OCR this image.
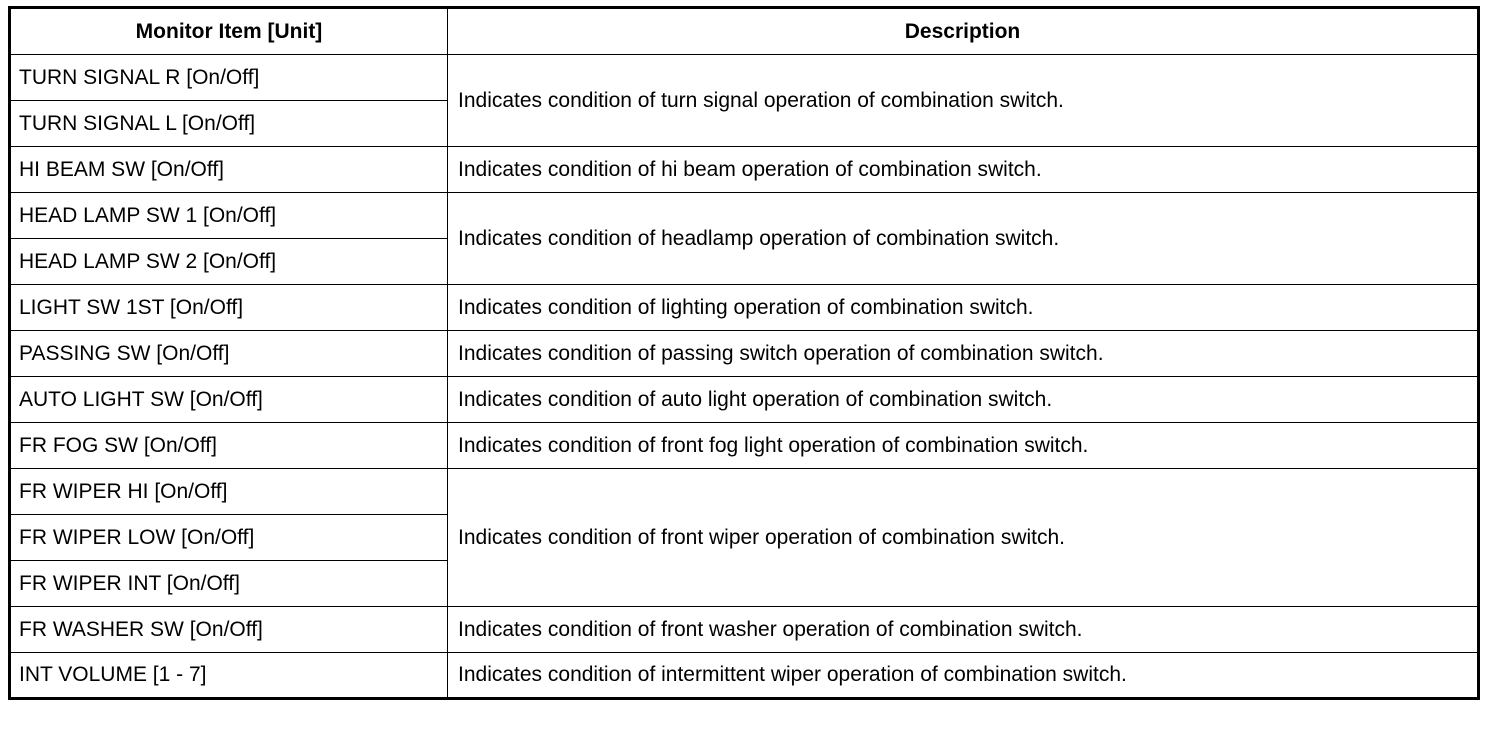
Monitor Item [Unit]	Description
TURN SIGNAL R [On/Off]	Indicates condition of turn signal operation of combination switch.
TURN SIGNAL L [On/Off]	
HI BEAM SW [On/Off]	Indicates condition of hi beam operation of combination switch.
HEAD LAMP SW 1 [On/Off]	Indicates condition of headlamp operation of combination switch.
HEAD LAMP SW 2 [On/Off]	
LIGHT SW 1ST [On/Off]	Indicates condition of lighting operation of combination switch.
PASSING SW [On/Off]	Indicates condition of passing switch operation of combination switch.
AUTO LIGHT SW [On/Off]	Indicates condition of auto light operation of combination switch.
FR FOG SW [On/Off]	Indicates condition of front fog light operation of combination switch.
FR WIPER HI [On/Off]	Indicates condition of front wiper operation of combination switch.
FR WIPER LOW [On/Off]	
FR WIPER INT [On/Off]	
FR WASHER SW [On/Off]	Indicates condition of front washer operation of combination switch.
INT VOLUME [1 - 7]	Indicates condition of intermittent wiper operation of combination switch.
